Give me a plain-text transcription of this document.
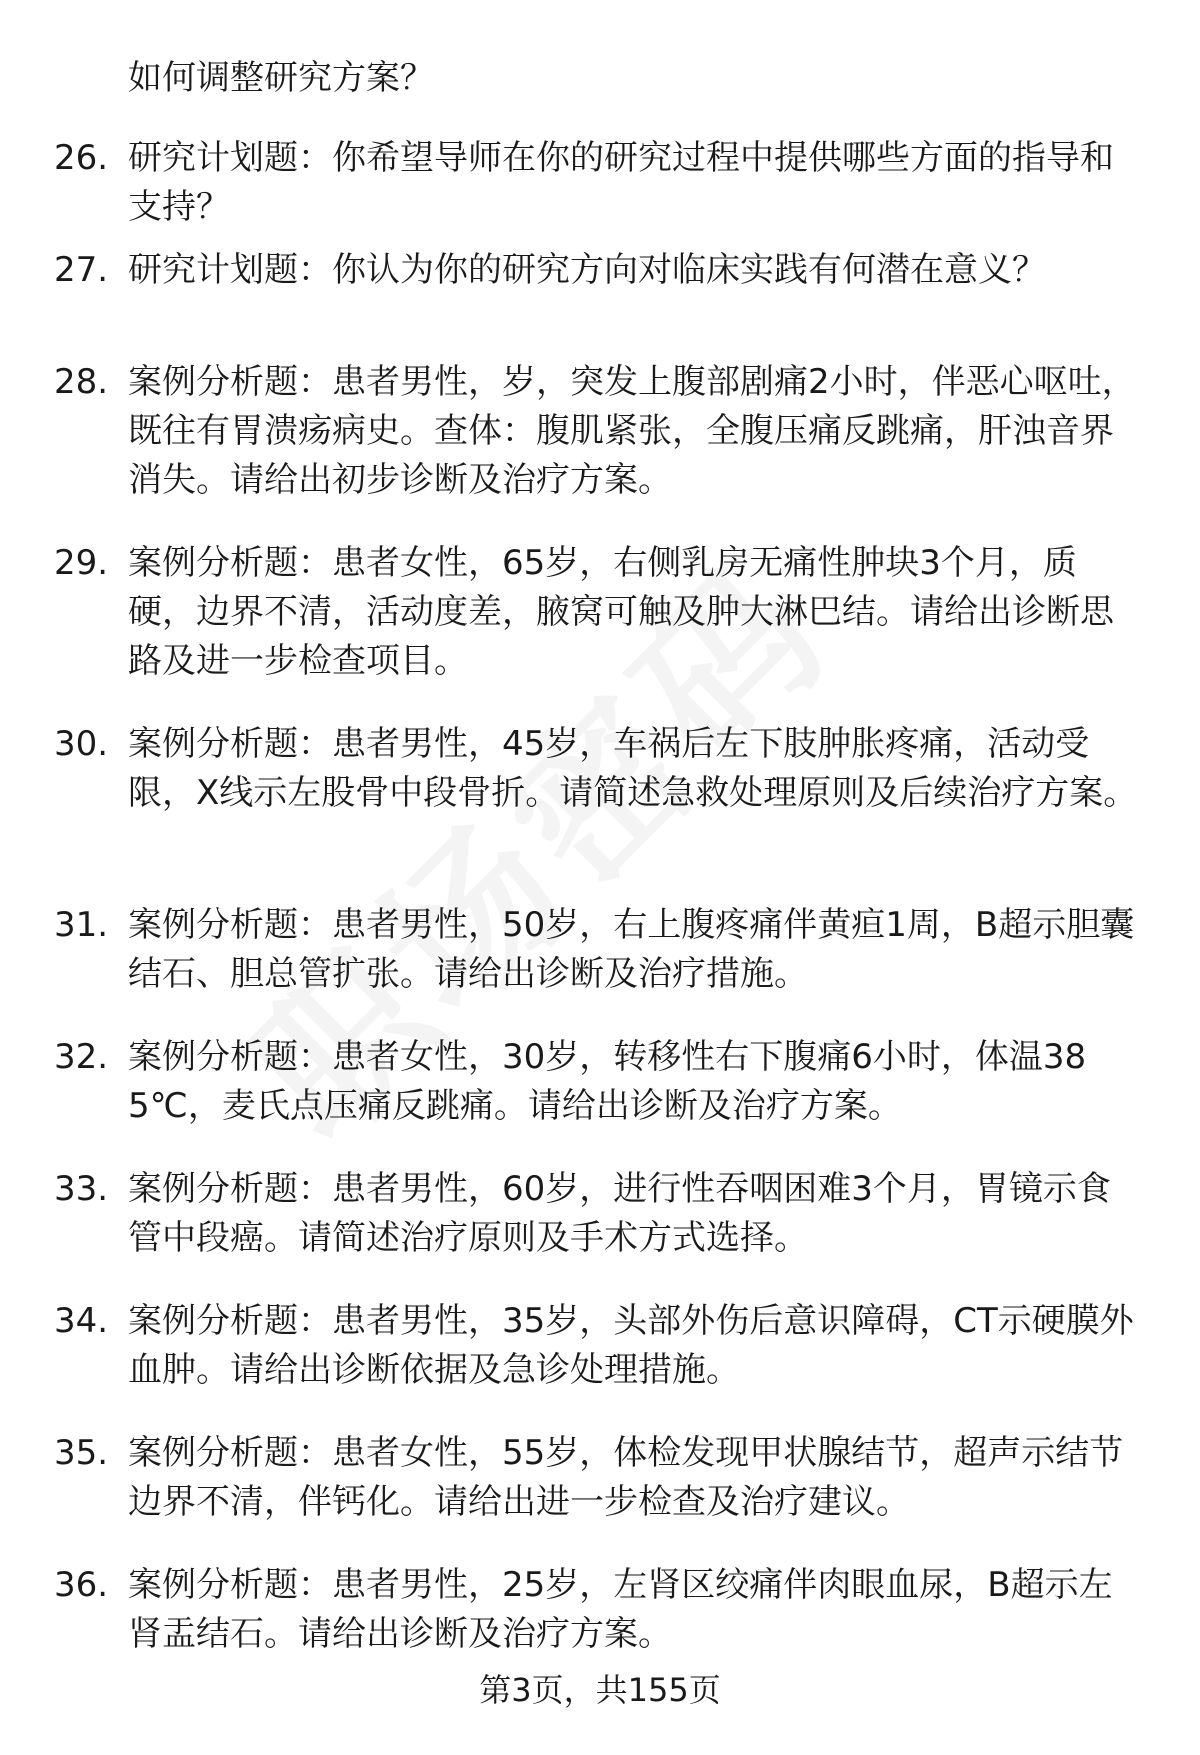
如何调整研究方案？
26. 研究计划题：你希望导师在你的研究过程中提供哪些方面的指导和支持？
27. 研究计划题：你认为你的研究方向对临床实践有何潜在意义？
28. 案例分析题：患者男性，岁，突发上腹部剧痛2小时，伴恶心呕吐，既往有胃溃疡病史。查体：腹肌紧张，全腹压痛反跳痛，肝浊音界消失。请给出初步诊断及治疗方案。
29. 案例分析题：患者女性，65岁，右侧乳房无痛性肿块3个月，质硬，边界不清，活动度差，腋窝可触及肿大淋巴结。请给出诊断思路及进一步检查项目。
30. 案例分析题：患者男性，45岁，车祸后左下肢肿胀疼痛，活动受限，X线示左股骨中段骨折。请简述急救处理原则及后续治疗方案。
31. 案例分析题：患者男性，50岁，右上腹疼痛伴黄疸1周，B超示胆囊结石、胆总管扩张。请给出诊断及治疗措施。
32. 案例分析题：患者女性，30岁，转移性右下腹痛6小时，体温385℃，麦氏点压痛反跳痛。请给出诊断及治疗方案。
33. 案例分析题：患者男性，60岁，进行性吞咽困难3个月，胃镜示食管中段癌。请简述治疗原则及手术方式选择。
34. 案例分析题：患者男性，35岁，头部外伤后意识障碍，CT示硬膜外血肿。请给出诊断依据及急诊处理措施。
35. 案例分析题：患者女性，55岁，体检发现甲状腺结节，超声示结节边界不清，伴钙化。请给出进一步检查及治疗建议。
36. 案例分析题：患者男性，25岁，左肾区绞痛伴肉眼血尿，B超示左肾盂结石。请给出诊断及治疗方案。
第3页，共155页
